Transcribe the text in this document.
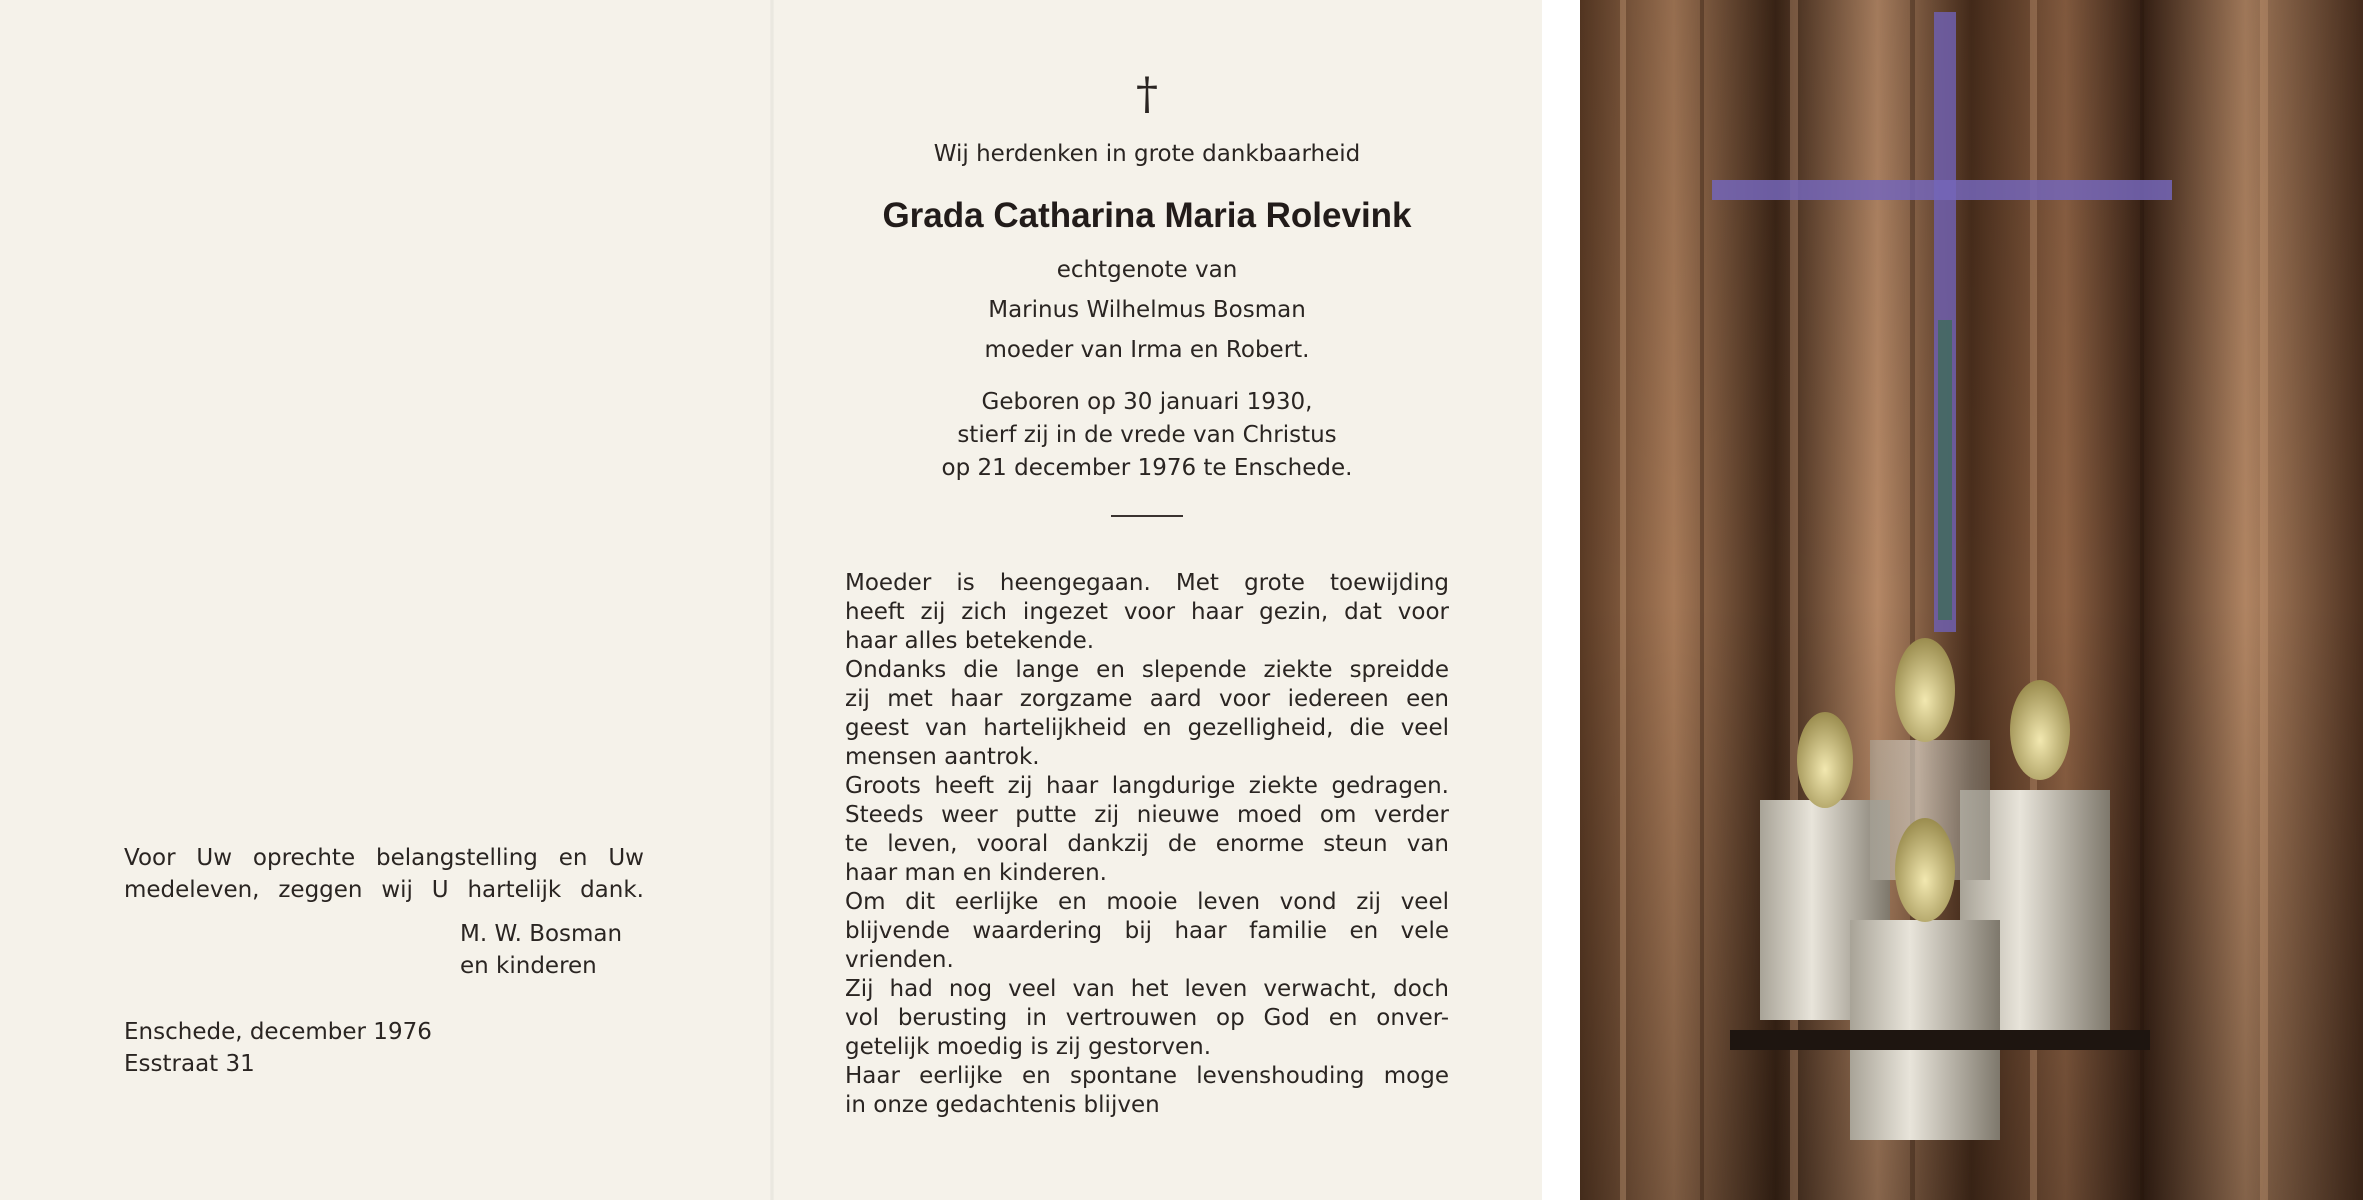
Voor Uw oprechte belangstelling en Uw
medeleven, zeggen wij U hartelijk dank.
M. W. Bosman
en kinderen
Enschede, december 1976
Esstraat 31
†
Wij herdenken in grote dankbaarheid
Grada Catharina Maria Rolevink
echtgenote van
Marinus Wilhelmus Bosman
moeder van Irma en Robert.
Geboren op 30 januari 1930,
stierf zij in de vrede van Christus
op 21 december 1976 te Enschede.
Moeder is heengegaan. Met grote toewijding
heeft zij zich ingezet voor haar gezin, dat voor
haar alles betekende.
Ondanks die lange en slepende ziekte spreidde
zij met haar zorgzame aard voor iedereen een
geest van hartelijkheid en gezelligheid, die veel
mensen aantrok.
Groots heeft zij haar langdurige ziekte gedragen.
Steeds weer putte zij nieuwe moed om verder
te leven, vooral dankzij de enorme steun van
haar man en kinderen.
Om dit eerlijke en mooie leven vond zij veel
blijvende waardering bij haar familie en vele
vrienden.
Zij had nog veel van het leven verwacht, doch
vol berusting in vertrouwen op God en onver-
getelijk moedig is zij gestorven.
Haar eerlijke en spontane levenshouding moge
in onze gedachtenis blijven
